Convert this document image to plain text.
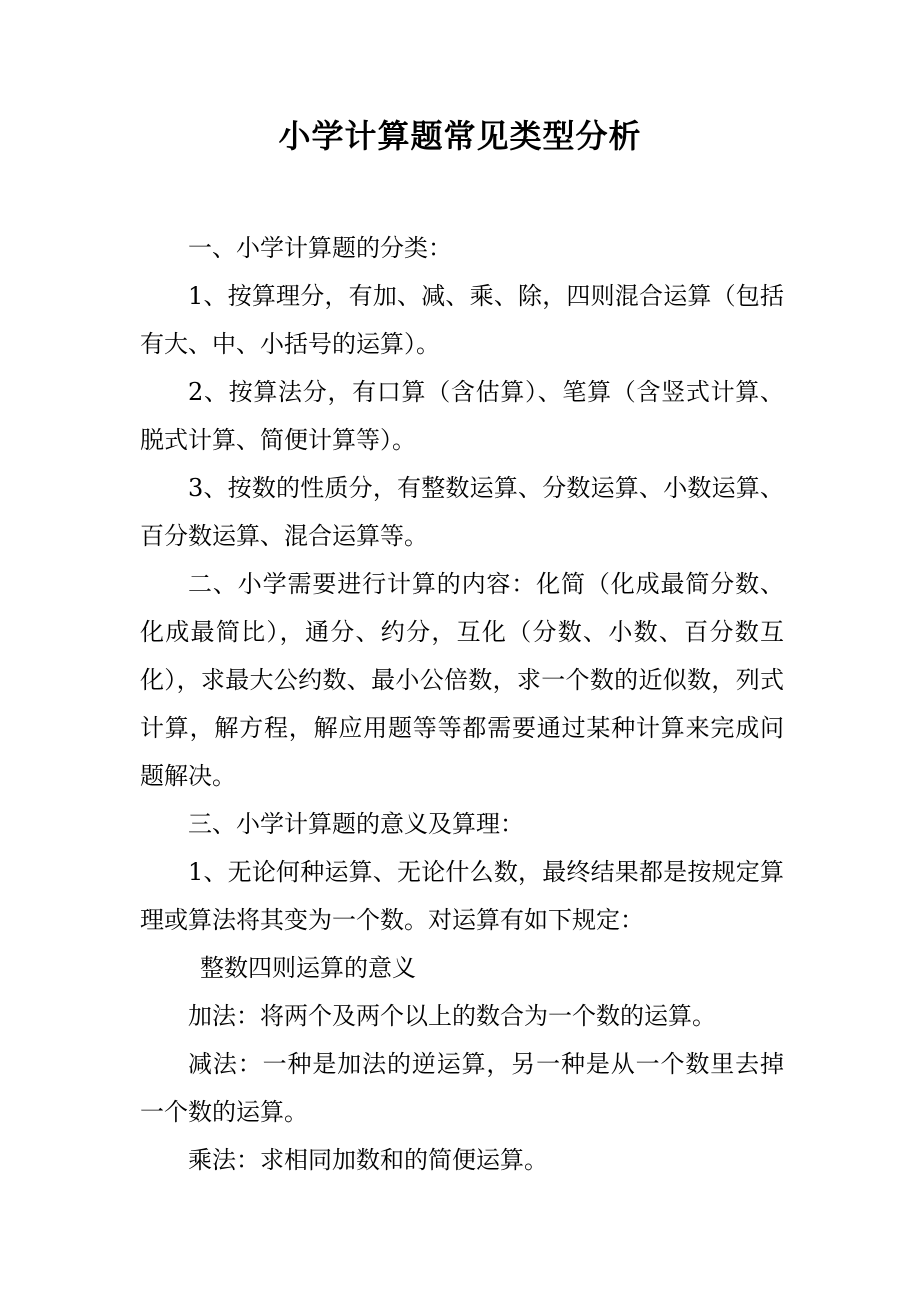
小学计算题常见类型分析

一、小学计算题的分类：

1、按算理分，有加、减、乘、除，四则混合运算（包括有大、中、小括号的运算）。

2、按算法分，有口算（含估算）、笔算（含竖式计算、脱式计算、简便计算等）。

3、按数的性质分，有整数运算、分数运算、小数运算、百分数运算、混合运算等。

二、小学需要进行计算的内容：化简（化成最简分数、化成最简比），通分、约分，互化（分数、小数、百分数互化），求最大公约数、最小公倍数，求一个数的近似数，列式计算，解方程，解应用题等等都需要通过某种计算来完成问题解决。

三、小学计算题的意义及算理：

1、无论何种运算、无论什么数，最终结果都是按规定算理或算法将其变为一个数。对运算有如下规定：

整数四则运算的意义

加法：将两个及两个以上的数合为一个数的运算。

减法：一种是加法的逆运算，另一种是从一个数里去掉一个数的运算。

乘法：求相同加数和的简便运算。
